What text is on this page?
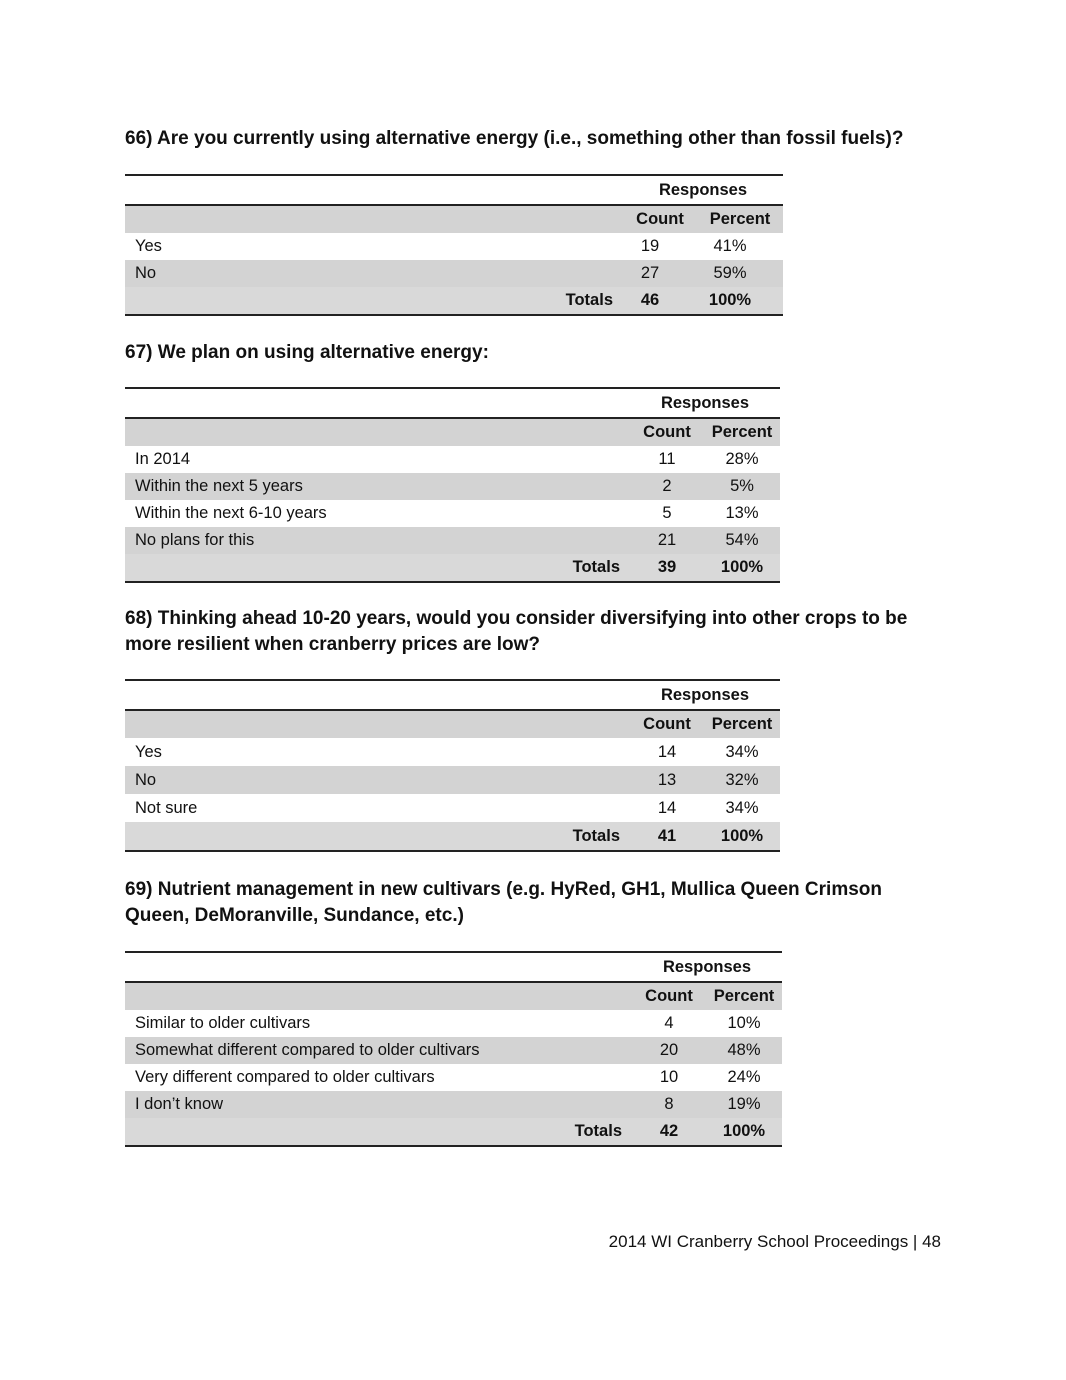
66) Are you currently using alternative energy (i.e., something other than fossil fuels)?

Responses
Count	Percent
Yes	19	41%
No	27	59%
Totals	46	100%

67) We plan on using alternative energy:

Responses
Count	Percent
In 2014	11	28%
Within the next 5 years	2	5%
Within the next 6-10 years	5	13%
No plans for this	21	54%
Totals	39	100%

68) Thinking ahead 10-20 years, would you consider diversifying into other crops to be more resilient when cranberry prices are low?

Responses
Count	Percent
Yes	14	34%
No	13	32%
Not sure	14	34%
Totals	41	100%

69) Nutrient management in new cultivars (e.g. HyRed, GH1, Mullica Queen Crimson Queen, DeMoranville, Sundance, etc.)

Responses
Count	Percent
Similar to older cultivars	4	10%
Somewhat different compared to older cultivars	20	48%
Very different compared to older cultivars	10	24%
I don’t know	8	19%
Totals	42	100%
2014 WI Cranberry School Proceedings | 48
